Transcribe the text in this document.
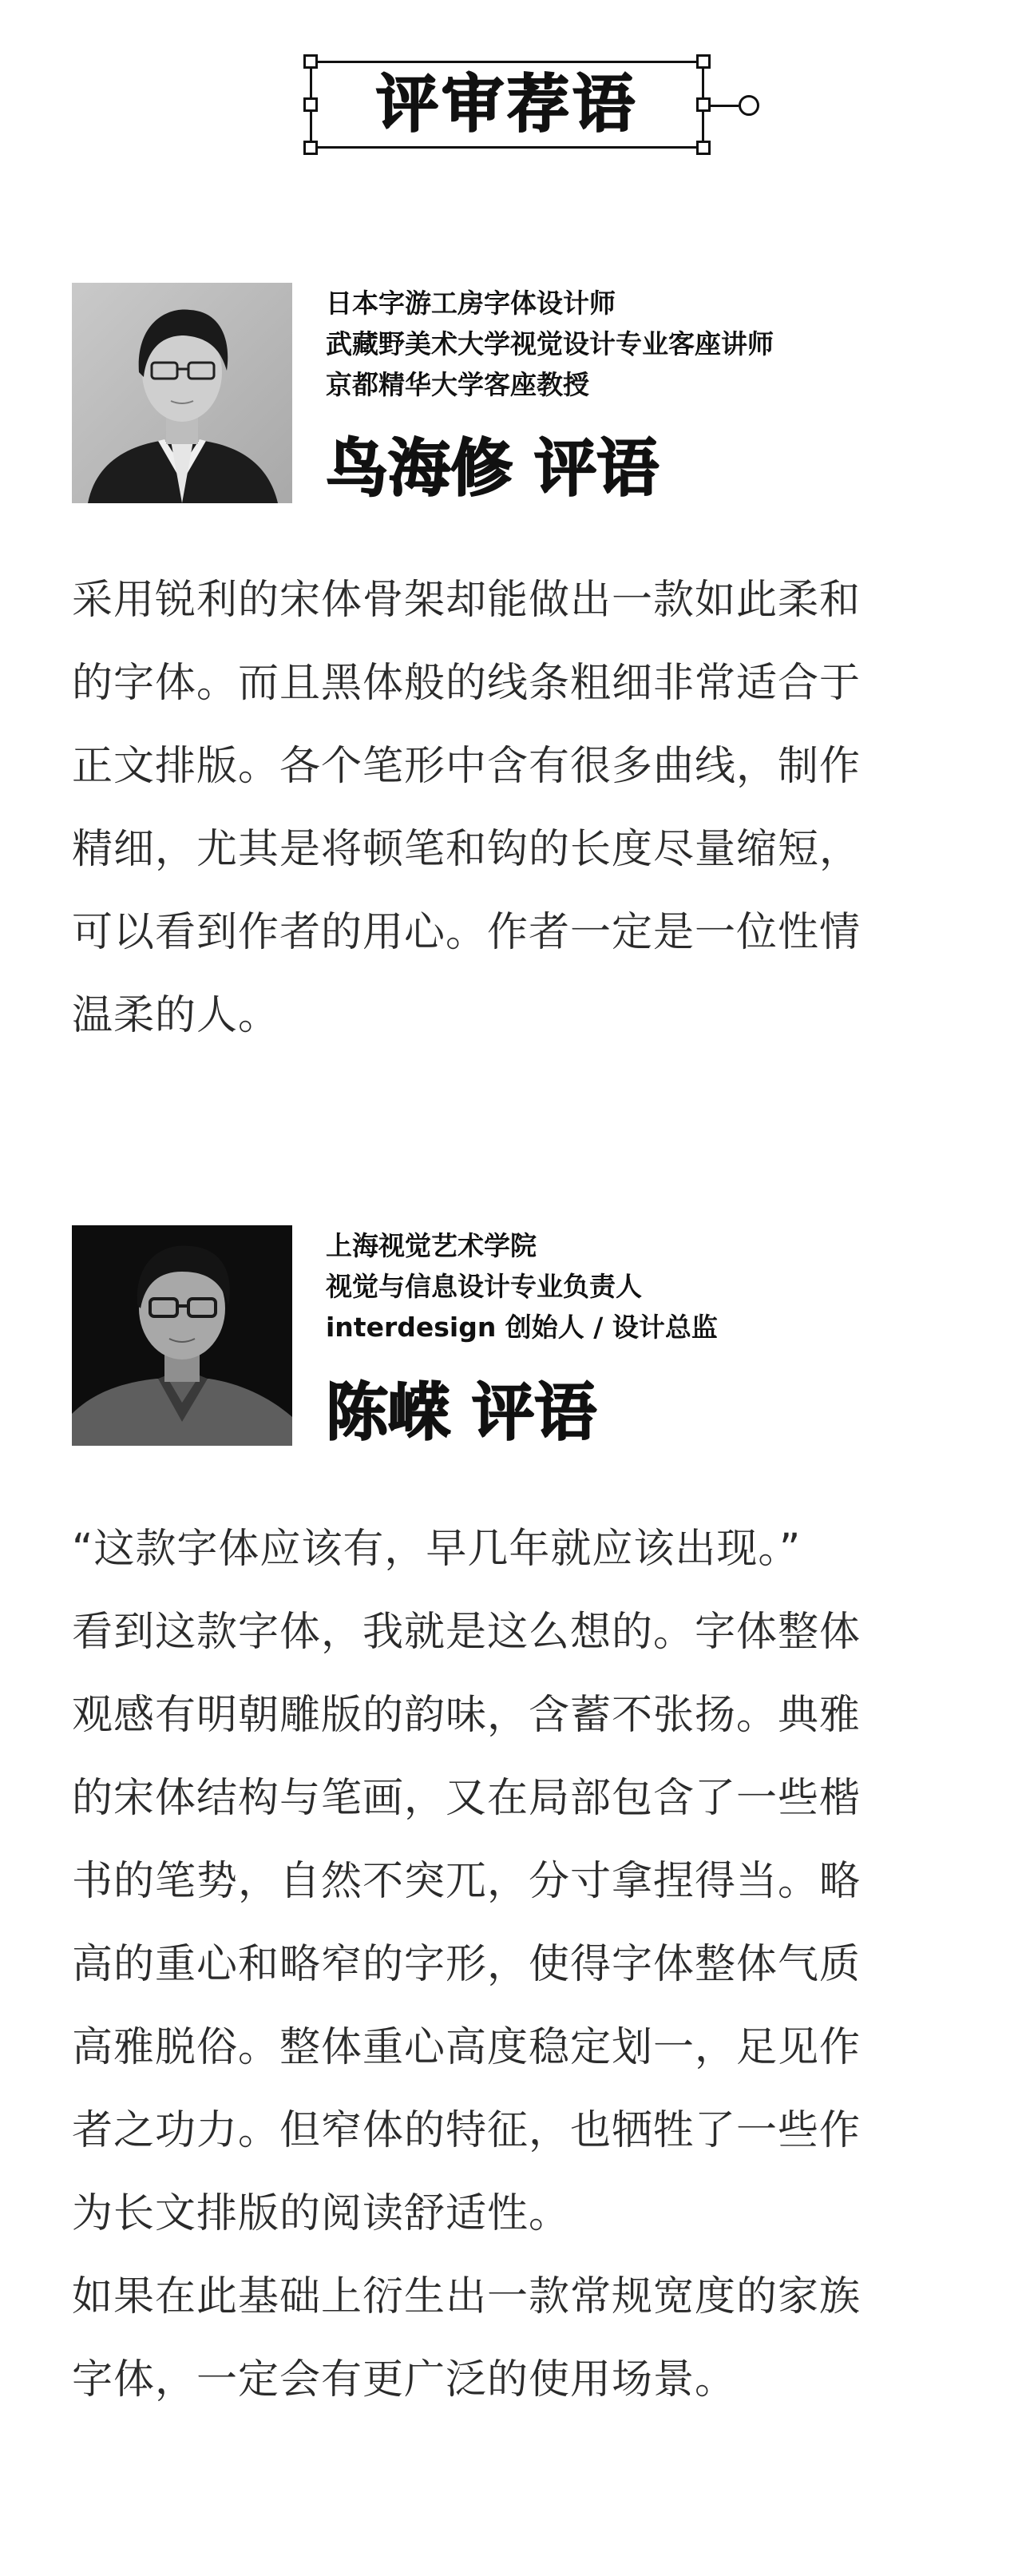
评审荐语
日本字游工房字体设计师
武藏野美术大学视觉设计专业客座讲师
京都精华大学客座教授
鸟海修 评语

采用锐利的宋体骨架却能做出一款如此柔和

的字体。而且黑体般的线条粗细非常适合于

正文排版。各个笔形中含有很多曲线，制作

精细，尤其是将顿笔和钩的长度尽量缩短，

可以看到作者的用心。作者一定是一位性情

温柔的人。

上海视觉艺术学院
视觉与信息设计专业负责人
interdesign 创始人 / 设计总监
陈嵘 评语

“这款字体应该有，早几年就应该出现。”

看到这款字体，我就是这么想的。字体整体

观感有明朝雕版的韵味，含蓄不张扬。典雅

的宋体结构与笔画，又在局部包含了一些楷

书的笔势，自然不突兀，分寸拿捏得当。略

高的重心和略窄的字形，使得字体整体气质

高雅脱俗。整体重心高度稳定划一，足见作

者之功力。但窄体的特征，也牺牲了一些作

为长文排版的阅读舒适性。

如果在此基础上衍生出一款常规宽度的家族

字体，一定会有更广泛的使用场景。
